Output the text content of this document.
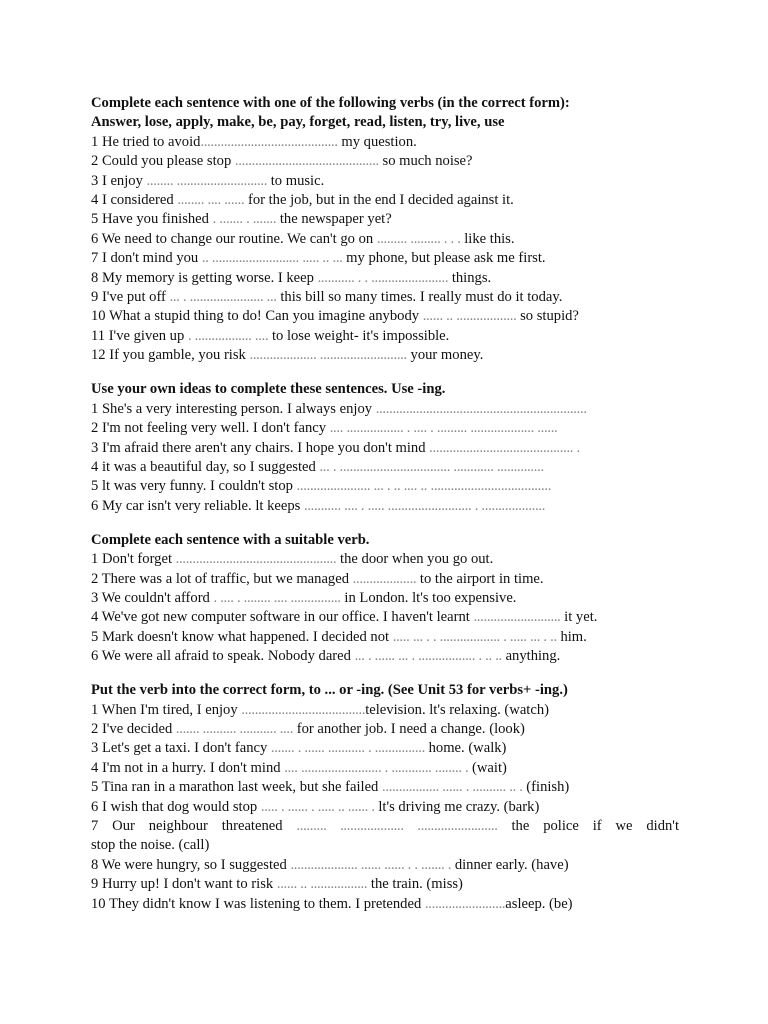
Complete each sentence with one of the following verbs (in the correct form):
Answer, lose, apply, make, be, pay, forget, read, listen, try, live, use
1 He tried to avoid......................................... my question.
2 Could you please stop ........................................... so much noise?
3 I enjoy ........ ........................... to music.
4 I considered ........ .... ...... for the job, but in the end I decided against it.
5 Have you finished . ....... . ....... the newspaper yet?
6 We need to change our routine. We can't go on ......... ......... . . . like this.
7 I don't mind you .. .......................... ..... .. ... my phone, but please ask me first.
8 My memory is getting worse. I keep ........... . . ....................... things.
9 I've put off ... . ...................... ... this bill so many times. I really must do it today.
10 What a stupid thing to do! Can you imagine anybody ...... .. .................. so stupid?
11 I've given up . ................. .... to lose weight- it's impossible.
12 If you gamble, you risk .................... .......................... your money.
Use your own ideas to complete these sentences. Use -ing.
1 She's a very interesting person. I always enjoy ...............................................................
2 I'm not feeling very well. I don't fancy .... ................. . .... . ......... ................... ......
3 I'm afraid there aren't any chairs. I hope you don't mind ........................................... .
4 it was a beautiful day, so I suggested ... . ................................. ............ ..............
5 lt was very funny. I couldn't stop ...................... ... . .. .... .. ....................................
6 My car isn't very reliable. lt keeps ........... .... . ..... ......................... . ...................
Complete each sentence with a suitable verb.
1 Don't forget ................................................ the door when you go out.
2 There was a lot of traffic, but we managed ................... to the airport in time.
3 We couldn't afford . .... . ........ .... ............... in London. lt's too expensive.
4 We've got new computer software in our office. I haven't learnt .......................... it yet.
5 Mark doesn't know what happened. I decided not ..... ... . . .................. . ..... ... . .. him.
6 We were all afraid to speak. Nobody dared ... . ...... ... . ................. . .. .. anything.
Put the verb into the correct form, to ... or -ing. (See Unit 53 for verbs+ -ing.)
1 When I'm tired, I enjoy .....................................television. lt's relaxing. (watch)
2 I've decided ....... .......... ........... .... for another job. I need a change. (look)
3 Let's get a taxi. I don't fancy ....... . ...... ........... . ............... home. (walk)
4 I'm not in a hurry. I don't mind .... ........................ . ............ ........ . (wait)
5 Tina ran in a marathon last week, but she failed ................. ...... . .......... .. . (finish)
6 I wish that dog would stop ..... . ...... . ..... .. ...... . lt's driving me crazy. (bark)
7 Our neighbour threatened ......... ................... ........................ the police if we didn't
stop the noise. (call)
8 We were hungry, so I suggested .................... ...... ...... . . ....... . dinner early. (have)
9 Hurry up! I don't want to risk ...... .. ................. the train. (miss)
10 They didn't know I was listening to them. I pretended ........................asleep. (be)
